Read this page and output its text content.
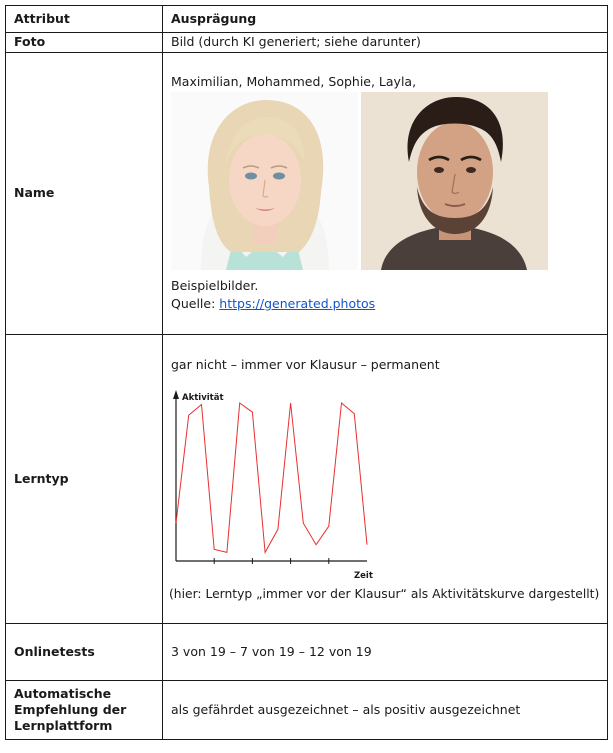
Attribut	Ausprägung
Foto	Bild (durch KI generiert; siehe darunter)
Name	Maximilian, Mohammed, Sophie, Layla,
Beispielbilder.
Quelle: https://generated.photos

Lerntyp	gar nicht – immer vor Klausur – permanent
Aktivität
Zeit
(hier: Lerntyp „immer vor der Klausur“ als Aktivitätskurve dargestellt)

Onlinetests	3 von 19 – 7 von 19 – 12 von 19

Automatische
Empfehlung der
Lernplattform	als gefährdet ausgezeichnet – als positiv ausgezeichnet
